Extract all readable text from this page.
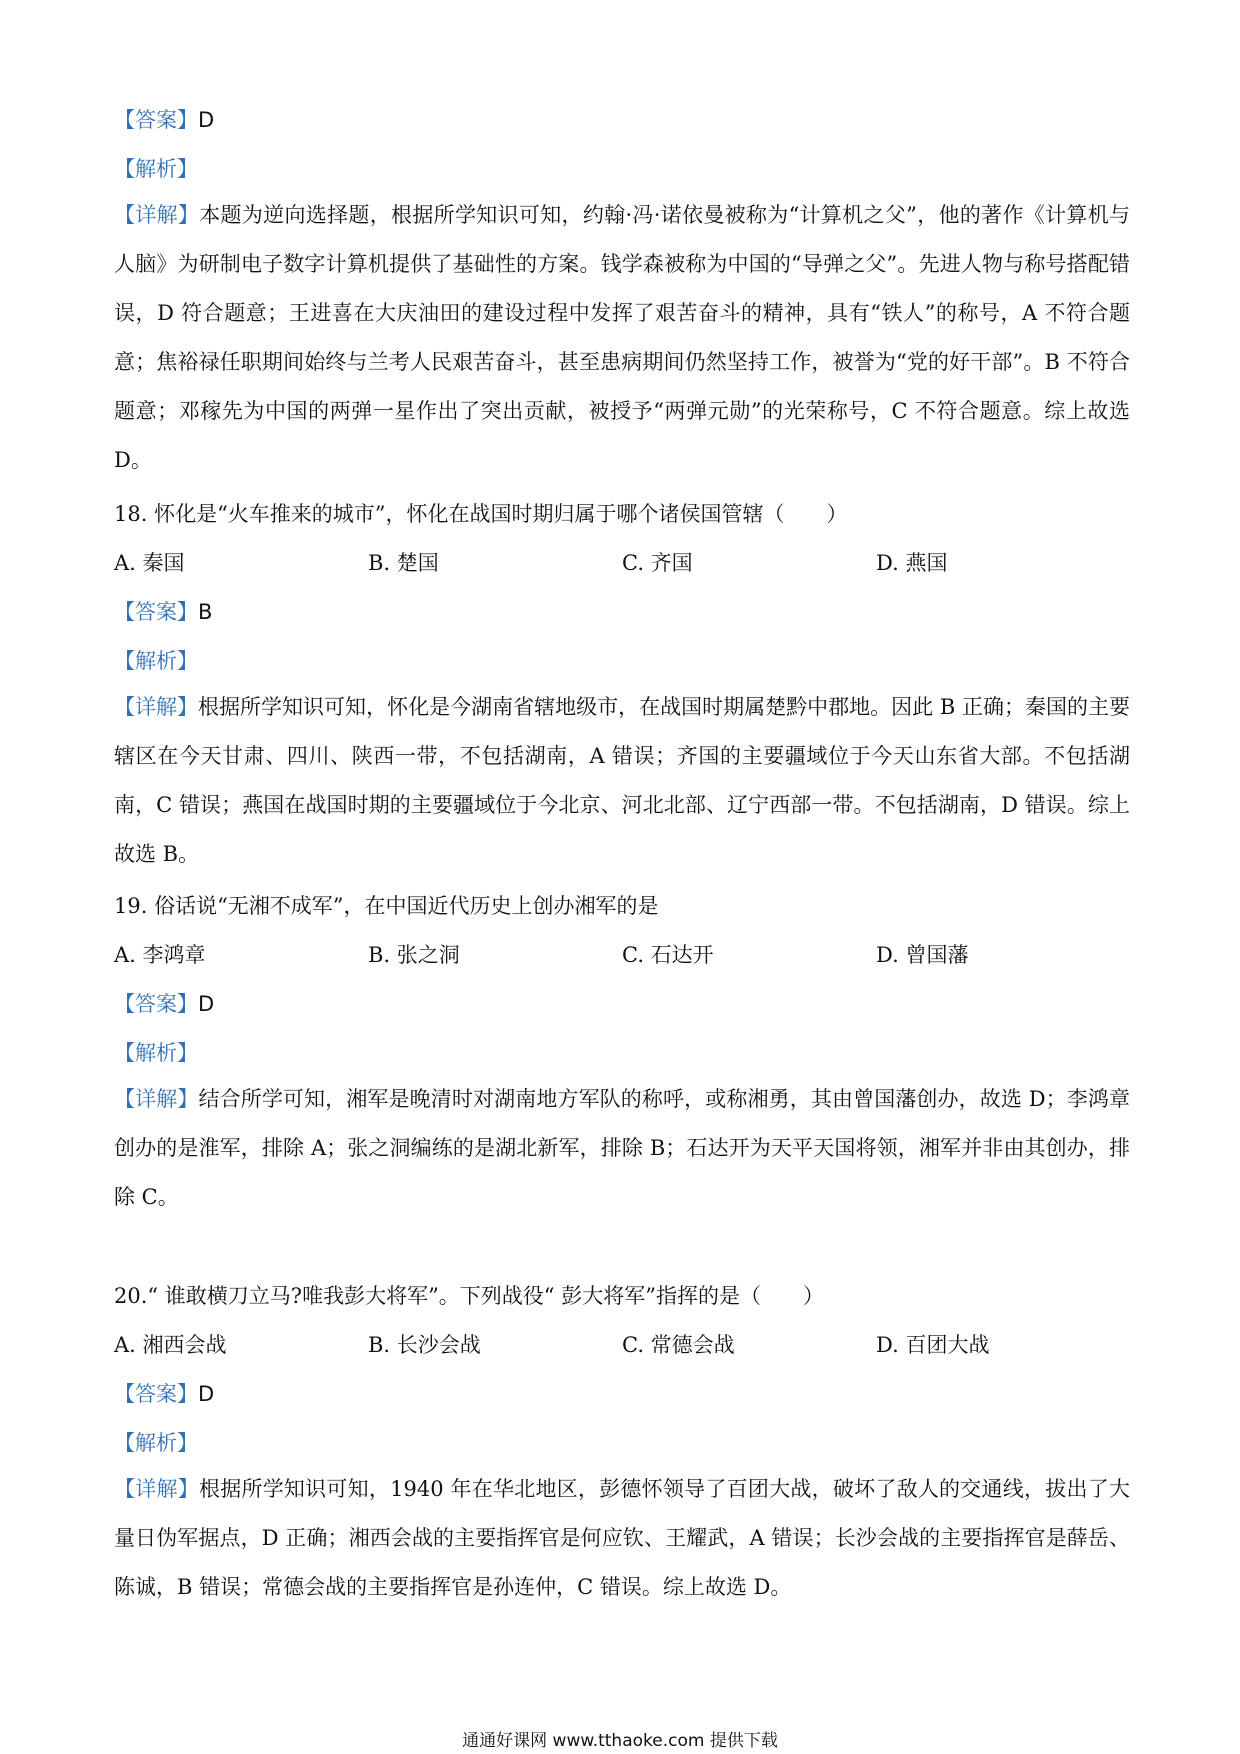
【答案】D
【解析】
【详解】本题为逆向选择题，根据所学知识可知，约翰·冯·诺依曼被称为“计算机之父”，他的著作《计算机与人脑》为研制电子数字计算机提供了基础性的方案。钱学森被称为中国的“导弹之父”。先进人物与称号搭配错误，D 符合题意；王进喜在大庆油田的建设过程中发挥了艰苦奋斗的精神，具有“铁人”的称号，A 不符合题意；焦裕禄任职期间始终与兰考人民艰苦奋斗，甚至患病期间仍然坚持工作，被誉为“党的好干部”。B 不符合题意；邓稼先为中国的两弹一星作出了突出贡献，被授予“两弹元勋”的光荣称号，C 不符合题意。综上故选 D。
18. 怀化是“火车推来的城市”，怀化在战国时期归属于哪个诸侯国管辖（　　）
A. 秦国	B. 楚国	C. 齐国	D. 燕国
【答案】B
【解析】
【详解】根据所学知识可知，怀化是今湖南省辖地级市，在战国时期属楚黔中郡地。因此 B 正确；秦国的主要辖区在今天甘肃、四川、陕西一带，不包括湖南，A 错误；齐国的主要疆域位于今天山东省大部。不包括湖南，C 错误；燕国在战国时期的主要疆域位于今北京、河北北部、辽宁西部一带。不包括湖南，D 错误。综上故选 B。
19. 俗话说“无湘不成军”，在中国近代历史上创办湘军的是
A. 李鸿章	B. 张之洞	C. 石达开	D. 曾国藩
【答案】D
【解析】
【详解】结合所学可知，湘军是晚清时对湖南地方军队的称呼，或称湘勇，其由曾国藩创办，故选 D；李鸿章创办的是淮军，排除 A；张之洞编练的是湖北新军，排除 B；石达开为天平天国将领，湘军并非由其创办，排除 C。
20.“ 谁敢横刀立马?唯我彭大将军”。下列战役“ 彭大将军”指挥的是（　　）
A. 湘西会战	B. 长沙会战	C. 常德会战	D. 百团大战
【答案】D
【解析】
【详解】根据所学知识可知，1940 年在华北地区，彭德怀领导了百团大战，破坏了敌人的交通线，拔出了大量日伪军据点，D 正确；湘西会战的主要指挥官是何应钦、王耀武，A 错误；长沙会战的主要指挥官是薛岳、陈诚，B 错误；常德会战的主要指挥官是孙连仲，C 错误。综上故选 D。
通通好课网 www.tthaoke.com 提供下载
